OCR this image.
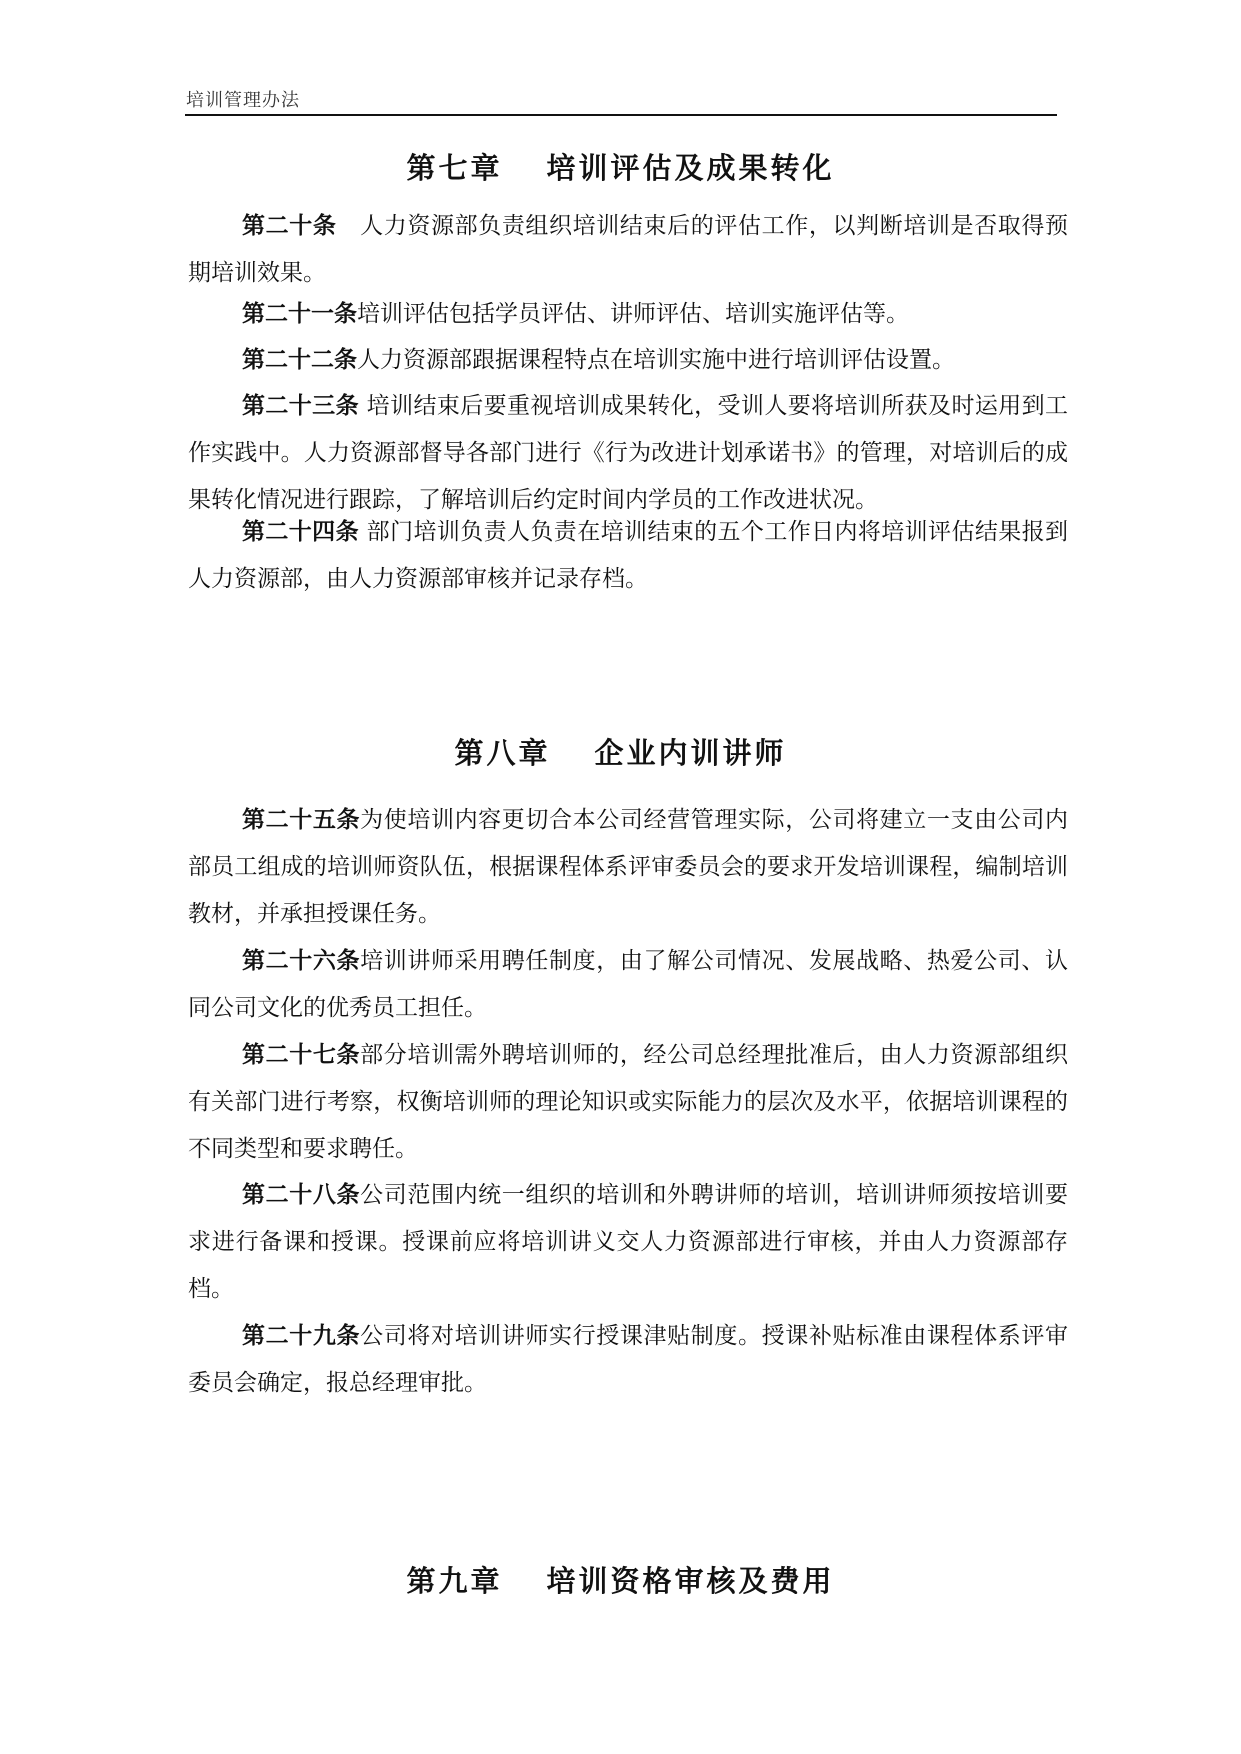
培训管理办法
第七章 培训评估及成果转化
第二十条　 人力资源部负责组织培训结束后的评估工作，以判断培训是否取得预期培训效果。
第二十一条培训评估包括学员评估、讲师评估、培训实施评估等。
第二十二条人力资源部跟据课程特点在培训实施中进行培训评估设置。
第二十三条 培训结束后要重视培训成果转化，受训人要将培训所获及时运用到工作实践中。人力资源部督导各部门进行《行为改进计划承诺书》的管理，对培训后的成果转化情况进行跟踪，了解培训后约定时间内学员的工作改进状况。
第二十四条 部门培训负责人负责在培训结束的五个工作日内将培训评估结果报到人力资源部，由人力资源部审核并记录存档。
第八章 企业内训讲师
第二十五条为使培训内容更切合本公司经营管理实际，公司将建立一支由公司内部员工组成的培训师资队伍，根据课程体系评审委员会的要求开发培训课程，编制培训教材，并承担授课任务。
第二十六条培训讲师采用聘任制度，由了解公司情况、发展战略、热爱公司、认同公司文化的优秀员工担任。
第二十七条部分培训需外聘培训师的，经公司总经理批准后，由人力资源部组织有关部门进行考察，权衡培训师的理论知识或实际能力的层次及水平，依据培训课程的不同类型和要求聘任。
第二十八条公司范围内统一组织的培训和外聘讲师的培训，培训讲师须按培训要求进行备课和授课。授课前应将培训讲义交人力资源部进行审核，并由人力资源部存档。
第二十九条公司将对培训讲师实行授课津贴制度。授课补贴标准由课程体系评审委员会确定，报总经理审批。
第九章 培训资格审核及费用
